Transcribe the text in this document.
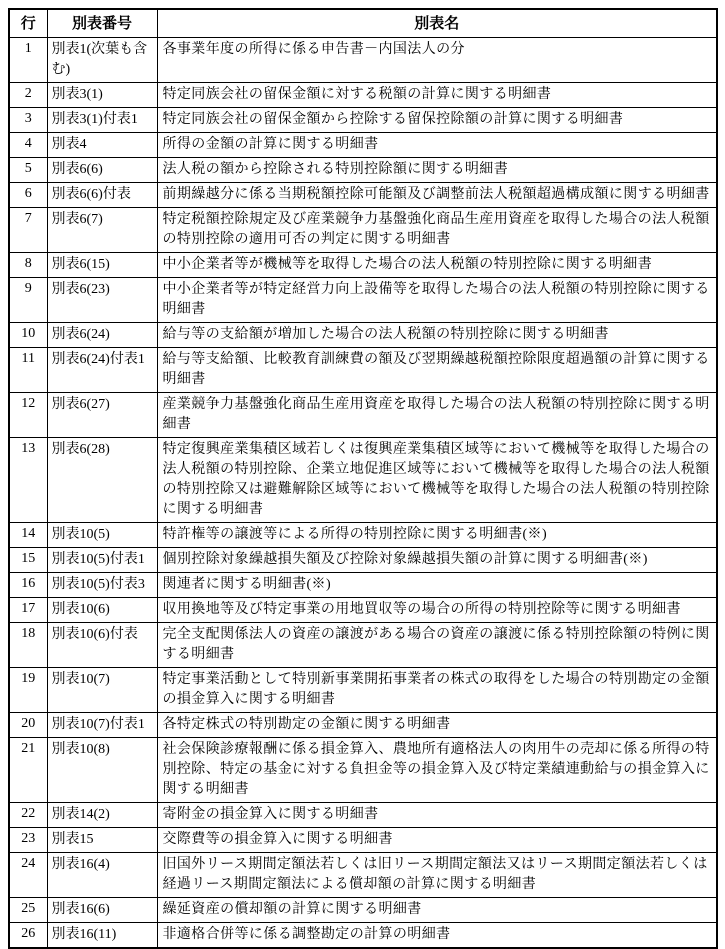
行	別表番号	別表名
1	別表1(次葉も含む)	各事業年度の所得に係る申告書－内国法人の分
2	別表3(1)	特定同族会社の留保金額に対する税額の計算に関する明細書
3	別表3(1)付表1	特定同族会社の留保金額から控除する留保控除額の計算に関する明細書
4	別表4	所得の金額の計算に関する明細書
5	別表6(6)	法人税の額から控除される特別控除額に関する明細書
6	別表6(6)付表	前期繰越分に係る当期税額控除可能額及び調整前法人税額超過構成額に関する明細書
7	別表6(7)	特定税額控除規定及び産業競争力基盤強化商品生産用資産を取得した場合の法人税額の特別控除の適用可否の判定に関する明細書
8	別表6(15)	中小企業者等が機械等を取得した場合の法人税額の特別控除に関する明細書
9	別表6(23)	中小企業者等が特定経営力向上設備等を取得した場合の法人税額の特別控除に関する明細書
10	別表6(24)	給与等の支給額が増加した場合の法人税額の特別控除に関する明細書
11	別表6(24)付表1	給与等支給額、比較教育訓練費の額及び翌期繰越税額控除限度超過額の計算に関する明細書
12	別表6(27)	産業競争力基盤強化商品生産用資産を取得した場合の法人税額の特別控除に関する明細書
13	別表6(28)	特定復興産業集積区域若しくは復興産業集積区域等において機械等を取得した場合の法人税額の特別控除、企業立地促進区域等において機械等を取得した場合の法人税額の特別控除又は避難解除区域等において機械等を取得した場合の法人税額の特別控除に関する明細書
14	別表10(5)	特許権等の譲渡等による所得の特別控除に関する明細書(※)
15	別表10(5)付表1	個別控除対象繰越損失額及び控除対象繰越損失額の計算に関する明細書(※)
16	別表10(5)付表3	関連者に関する明細書(※)
17	別表10(6)	収用換地等及び特定事業の用地買収等の場合の所得の特別控除等に関する明細書
18	別表10(6)付表	完全支配関係法人の資産の譲渡がある場合の資産の譲渡に係る特別控除額の特例に関する明細書
19	別表10(7)	特定事業活動として特別新事業開拓事業者の株式の取得をした場合の特別勘定の金額の損金算入に関する明細書
20	別表10(7)付表1	各特定株式の特別勘定の金額に関する明細書
21	別表10(8)	社会保険診療報酬に係る損金算入、農地所有適格法人の肉用牛の売却に係る所得の特別控除、特定の基金に対する負担金等の損金算入及び特定業績連動給与の損金算入に関する明細書
22	別表14(2)	寄附金の損金算入に関する明細書
23	別表15	交際費等の損金算入に関する明細書
24	別表16(4)	旧国外リース期間定額法若しくは旧リース期間定額法又はリース期間定額法若しくは経過リース期間定額法による償却額の計算に関する明細書
25	別表16(6)	繰延資産の償却額の計算に関する明細書
26	別表16(11)	非適格合併等に係る調整勘定の計算の明細書
